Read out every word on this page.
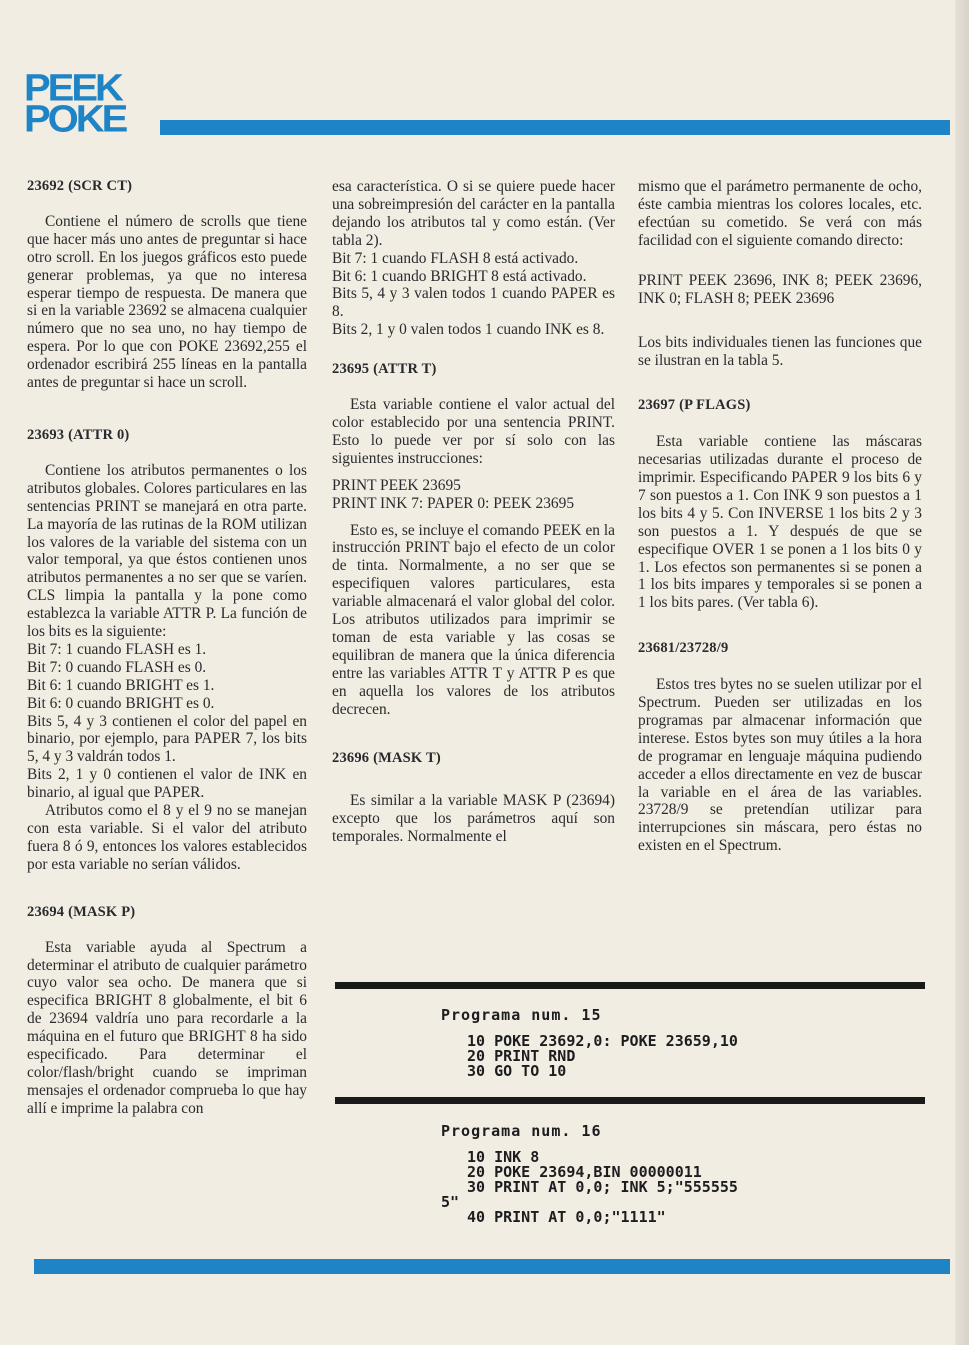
PEEK
POKE
23692 (SCR CT)

Contiene el número de scrolls que tiene que hacer más uno antes de preguntar si hace otro scroll. En los juegos gráficos esto puede generar problemas, ya que no interesa esperar tiempo de respuesta. De manera que si en la variable 23692 se almacena cualquier número que no sea uno, no hay tiempo de espera. Por lo que con POKE 23692,255 el ordenador escribirá 255 líneas en la pantalla antes de preguntar si hace un scroll.

23693 (ATTR 0)

Contiene los atributos permanentes o los atributos globales. Colores particulares en las sentencias PRINT se manejará en otra parte. La mayoría de las rutinas de la ROM utilizan los valores de la variable del sistema con un valor temporal, ya que éstos contienen unos atributos permanentes a no ser que se varíen. CLS limpia la pantalla y la pone como establezca la variable ATTR P. La función de los bits es la siguiente:

Bit 7: 1 cuando FLASH es 1.

Bit 7: 0 cuando FLASH es 0.

Bit 6: 1 cuando BRIGHT es 1.

Bit 6: 0 cuando BRIGHT es 0.

Bits 5, 4 y 3 contienen el color del papel en binario, por ejemplo, para PAPER 7, los bits 5, 4 y 3 valdrán todos 1.

Bits 2, 1 y 0 contienen el valor de INK en binario, al igual que PAPER.

Atributos como el 8 y el 9 no se manejan con esta variable. Si el valor del atributo fuera 8 ó 9, entonces los valores establecidos por esta variable no serían válidos.

23694 (MASK P)

Esta variable ayuda al Spectrum a determinar el atributo de cualquier parámetro cuyo valor sea ocho. De manera que si especifica BRIGHT 8 globalmente, el bit 6 de 23694 valdría uno para recordarle a la máquina en el futuro que BRIGHT 8 ha sido especificado. Para determinar el color/flash/bright cuando se impriman mensajes el ordenador comprueba lo que hay allí e imprime la palabra con

esa característica. O si se quiere puede hacer una sobreimpresión del carácter en la pantalla dejando los atributos tal y como están. (Ver tabla 2).

Bit 7: 1 cuando FLASH 8 está activado.

Bit 6: 1 cuando BRIGHT 8 está activado.

Bits 5, 4 y 3 valen todos 1 cuando PAPER es 8.

Bits 2, 1 y 0 valen todos 1 cuando INK es 8.

23695 (ATTR T)

Esta variable contiene el valor actual del color establecido por una sentencia PRINT. Esto lo puede ver por sí solo con las siguientes instrucciones:

PRINT PEEK 23695
PRINT INK 7: PAPER 0: PEEK 23695

Esto es, se incluye el comando PEEK en la instrucción PRINT bajo el efecto de un color de tinta. Normalmente, a no ser que se especifiquen valores particulares, esta variable almacenará el valor global del color. Los atributos utilizados para imprimir se toman de esta variable y las cosas se equilibran de manera que la única diferencia entre las variables ATTR T y ATTR P es que en aquella los valores de los atributos decrecen.

23696 (MASK T)

Es similar a la variable MASK P (23694) excepto que los parámetros aquí son temporales. Normalmente el

mismo que el parámetro permanente de ocho, éste cambia mientras los colores locales, etc. efectúan su cometido. Se verá con más facilidad con el siguiente comando directo:

PRINT PEEK 23696, INK 8; PEEK 23696, INK 0; FLASH 8; PEEK 23696

Los bits individuales tienen las funciones que se ilustran en la tabla 5.

23697 (P FLAGS)

Esta variable contiene las máscaras necesarias utilizadas durante el proceso de imprimir. Especificando PAPER 9 los bits 6 y 7 son puestos a 1. Con INK 9 son puestos a 1 los bits 4 y 5. Con INVERSE 1 los bits 2 y 3 son puestos a 1. Y después de que se especifique OVER 1 se ponen a 1 los bits 0 y 1. Los efectos son permanentes si se ponen a 1 los bits impares y temporales si se ponen a 1 los bits pares. (Ver tabla 6).

23681/23728/9

Estos tres bytes no se suelen utilizar por el Spectrum. Pueden ser utilizadas en los programas par almacenar información que interese. Estos bytes son muy útiles a la hora de programar en lenguaje máquina pudiendo acceder a ellos directamente en vez de buscar la variable en el área de las variables. 23728/9 se pretendían utilizar para interrupciones sin máscara, pero éstas no existen en el Spectrum.

Programa num. 15
10 POKE 23692,0: POKE 23659,10
20 PRINT RND
30 GO TO 10
Programa num. 16
10 INK 8
20 POKE 23694,BIN 00000011
30 PRINT AT 0,0; INK 5;"555555
5"
40 PRINT AT 0,0;"1111"
